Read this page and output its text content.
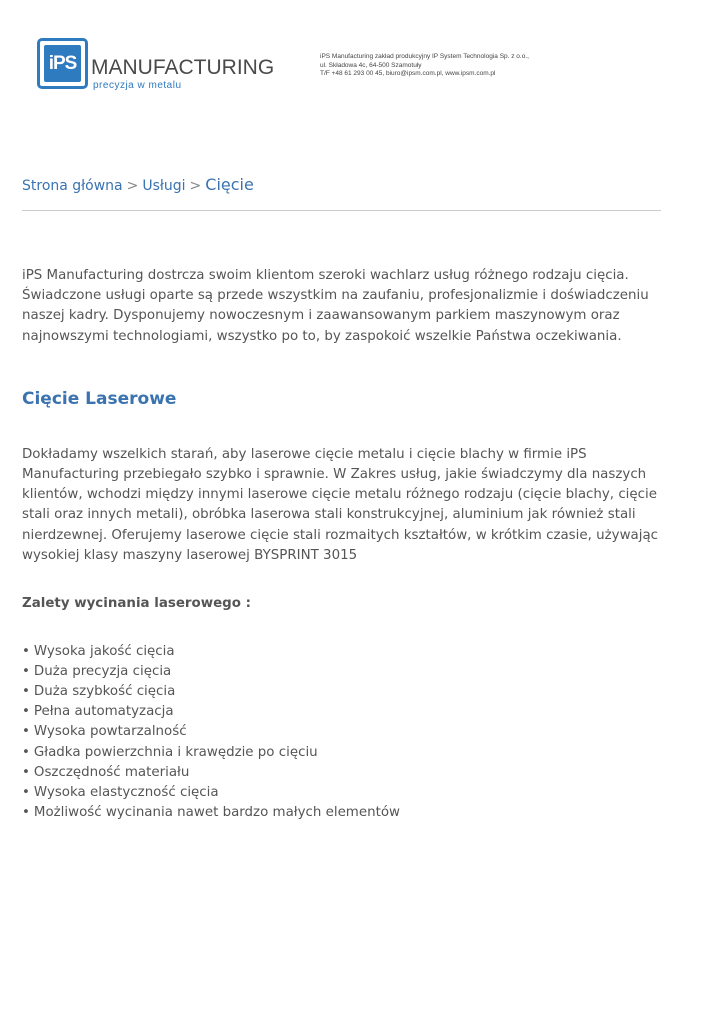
iPS MANUFACTURING
precyzja w metalu
iPS Manufacturing zakład produkcyjny IP System Technologia Sp. z o.o.,
ul. Składowa 4c, 64-500 Szamotuły
T/F +48 61 293 00 45, biuro@ipsm.com.pl, www.ipsm.com.pl
Strona główna > Usługi > Cięcie

iPS Manufacturing dostrcza swoim klientom szeroki wachlarz usług różnego rodzaju cięcia. Świadczone usługi oparte są przede wszystkim na zaufaniu, profesjonalizmie i doświadczeniu naszej kadry. Dysponujemy nowoczesnym i zaawansowanym parkiem maszynowym oraz najnowszymi technologiami, wszystko po to, by zaspokoić wszelkie Państwa oczekiwania.

Cięcie Laserowe

Dokładamy wszelkich starań, aby laserowe cięcie metalu i cięcie blachy w firmie iPS Manufacturing przebiegało szybko i sprawnie. W Zakres usług, jakie świadczymy dla naszych klientów, wchodzi między innymi laserowe cięcie metalu różnego rodzaju (cięcie blachy, cięcie stali oraz innych metali), obróbka laserowa stali konstrukcyjnej, aluminium jak również stali nierdzewnej. Oferujemy laserowe cięcie stali rozmaitych kształtów, w krótkim czasie, używając wysokiej klasy maszyny laserowej BYSPRINT 3015

Zalety wycinania laserowego :
• Wysoka jakość cięcia
• Duża precyzja cięcia
• Duża szybkość cięcia
• Pełna automatyzacja
• Wysoka powtarzalność
• Gładka powierzchnia i krawędzie po cięciu
• Oszczędność materiału
• Wysoka elastyczność cięcia
• Możliwość wycinania nawet bardzo małych elementów
